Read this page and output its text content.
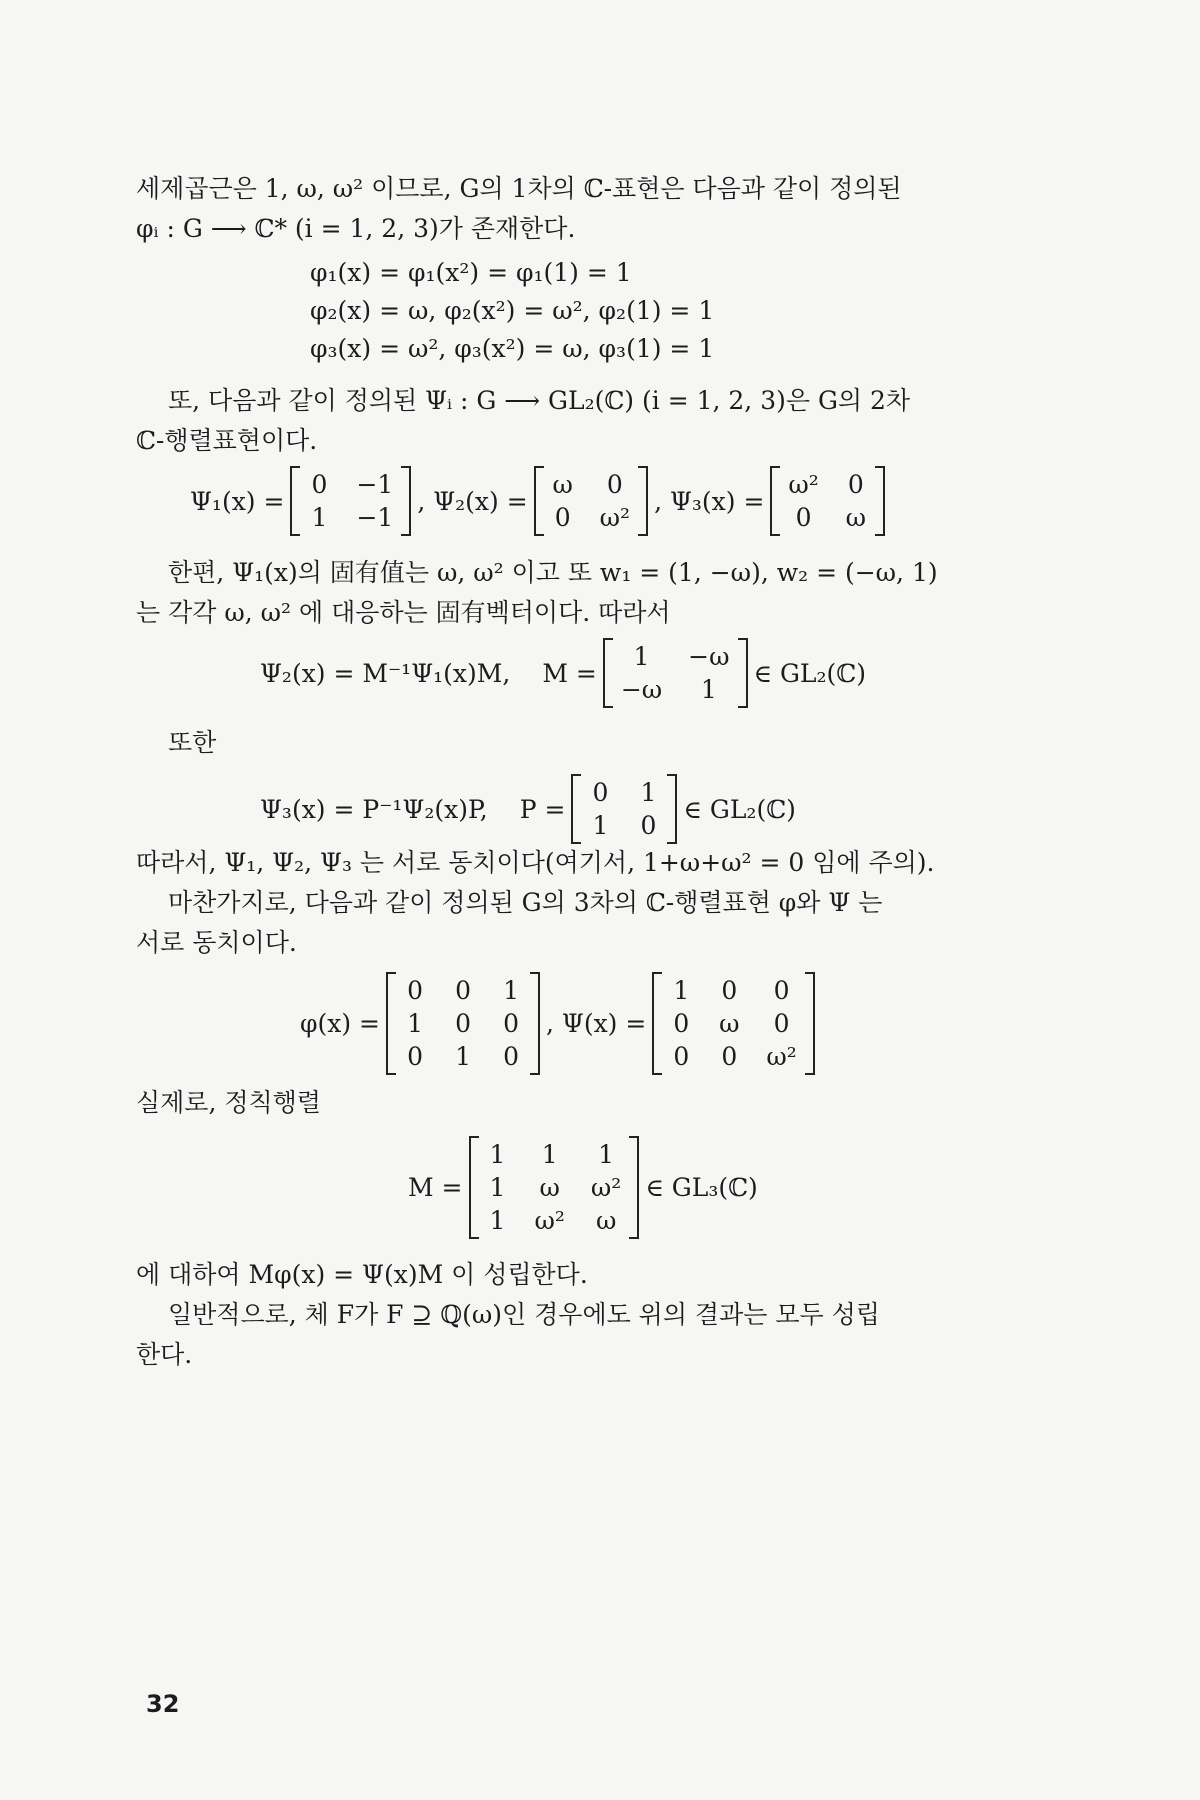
세제곱근은 1, ω, ω² 이므로, G의 1차의 ℂ-표현은 다음과 같이 정의된
φᵢ : G ⟶ ℂ* (i = 1, 2, 3)가 존재한다.
φ₁(x) = φ₁(x²) = φ₁(1) = 1
φ₂(x) = ω, φ₂(x²) = ω², φ₂(1) = 1
φ₃(x) = ω², φ₃(x²) = ω, φ₃(1) = 1
또, 다음과 같이 정의된 Ψᵢ : G ⟶ GL₂(ℂ) (i = 1, 2, 3)은 G의 2차
ℂ-행렬표현이다.
Ψ₁(x) =
0 −1
1 −1
, Ψ₂(x) =
ω 0
0 ω²
, Ψ₃(x) =
ω² 0
0 ω
한편, Ψ₁(x)의 固有值는 ω, ω² 이고 또 w₁ = (1, −ω), w₂ = (−ω, 1)
는 각각 ω, ω² 에 대응하는 固有벡터이다. 따라서
Ψ₂(x) = M⁻¹Ψ₁(x)M, M =
1	−ω
−ω	1
∈ GL₂(ℂ)
또한
Ψ₃(x) = P⁻¹Ψ₂(x)P, P =
0 1
1 0
∈ GL₂(ℂ)
따라서, Ψ₁, Ψ₂, Ψ₃ 는 서로 동치이다(여기서, 1+ω+ω² = 0 임에 주의).
마찬가지로, 다음과 같이 정의된 G의 3차의 ℂ-행렬표현 φ와 Ψ 는
서로 동치이다.
φ(x) =
0 0 1
1 0 0
0 1 0
, Ψ(x) =
1 0 0
0 ω 0
0 0 ω²
실제로, 정칙행렬
M =
1 1 1
1 ω ω²
1 ω² ω
∈ GL₃(ℂ)
에 대하여 Mφ(x) = Ψ(x)M 이 성립한다.
일반적으로, 체 F가 F ⊇ ℚ(ω)인 경우에도 위의 결과는 모두 성립
한다.
32
